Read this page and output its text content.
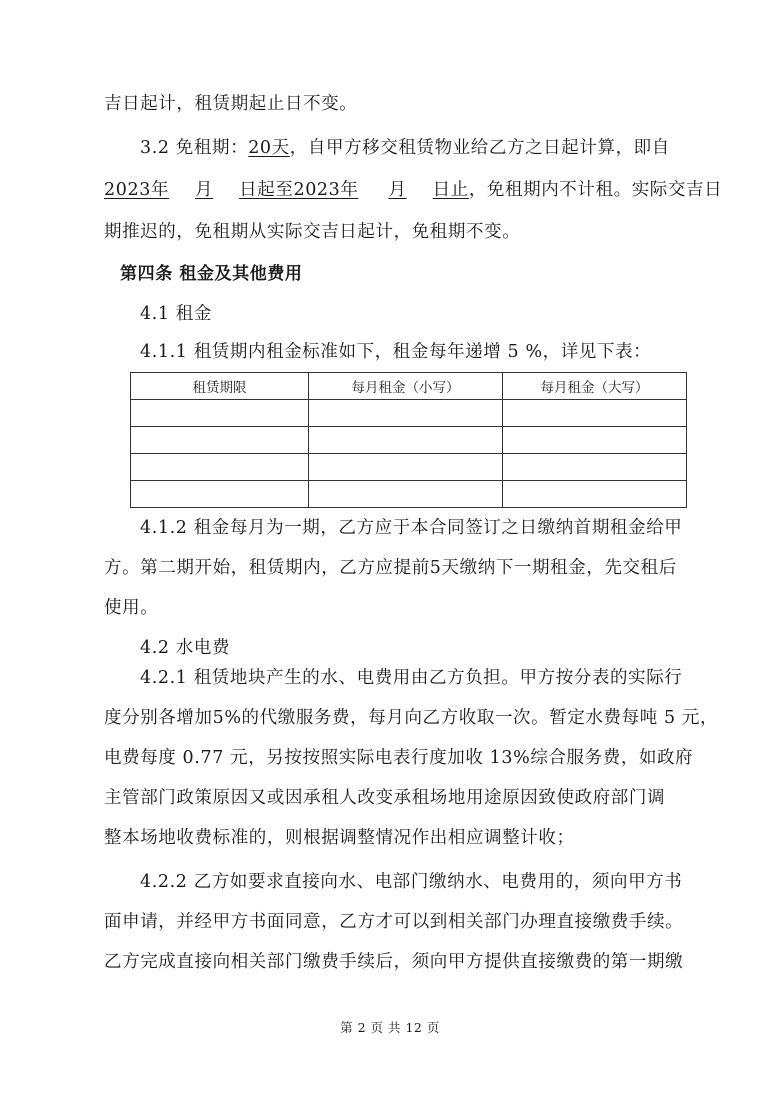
吉日起计，租赁期起止日不变。
3.2 免租期：20天，自甲方移交租赁物业给乙方之日起计算，即自
2023年 月 日起至2023年 月 日止，免租期内不计租。实际交吉日
期推迟的，免租期从实际交吉日起计，免租期不变。
第四条 租金及其他费用
4.1 租金
4.1.1 租赁期内租金标准如下，租金每年递增 5 %，详见下表：
租赁期限	每月租金（小写）	每月租金（大写）

4.1.2 租金每月为一期，乙方应于本合同签订之日缴纳首期租金给甲
方。第二期开始，租赁期内，乙方应提前5天缴纳下一期租金，先交租后
使用。
4.2 水电费
4.2.1 租赁地块产生的水、电费用由乙方负担。甲方按分表的实际行
度分别各增加5%的代缴服务费，每月向乙方收取一次。暂定水费每吨 5 元，
电费每度 0.77 元，另按按照实际电表行度加收 13%综合服务费，如政府
主管部门政策原因又或因承租人改变承租场地用途原因致使政府部门调
整本场地收费标准的，则根据调整情况作出相应调整计收；
4.2.2 乙方如要求直接向水、电部门缴纳水、电费用的，须向甲方书
面申请，并经甲方书面同意，乙方才可以到相关部门办理直接缴费手续。
乙方完成直接向相关部门缴费手续后，须向甲方提供直接缴费的第一期缴
第 2 页 共 12 页
